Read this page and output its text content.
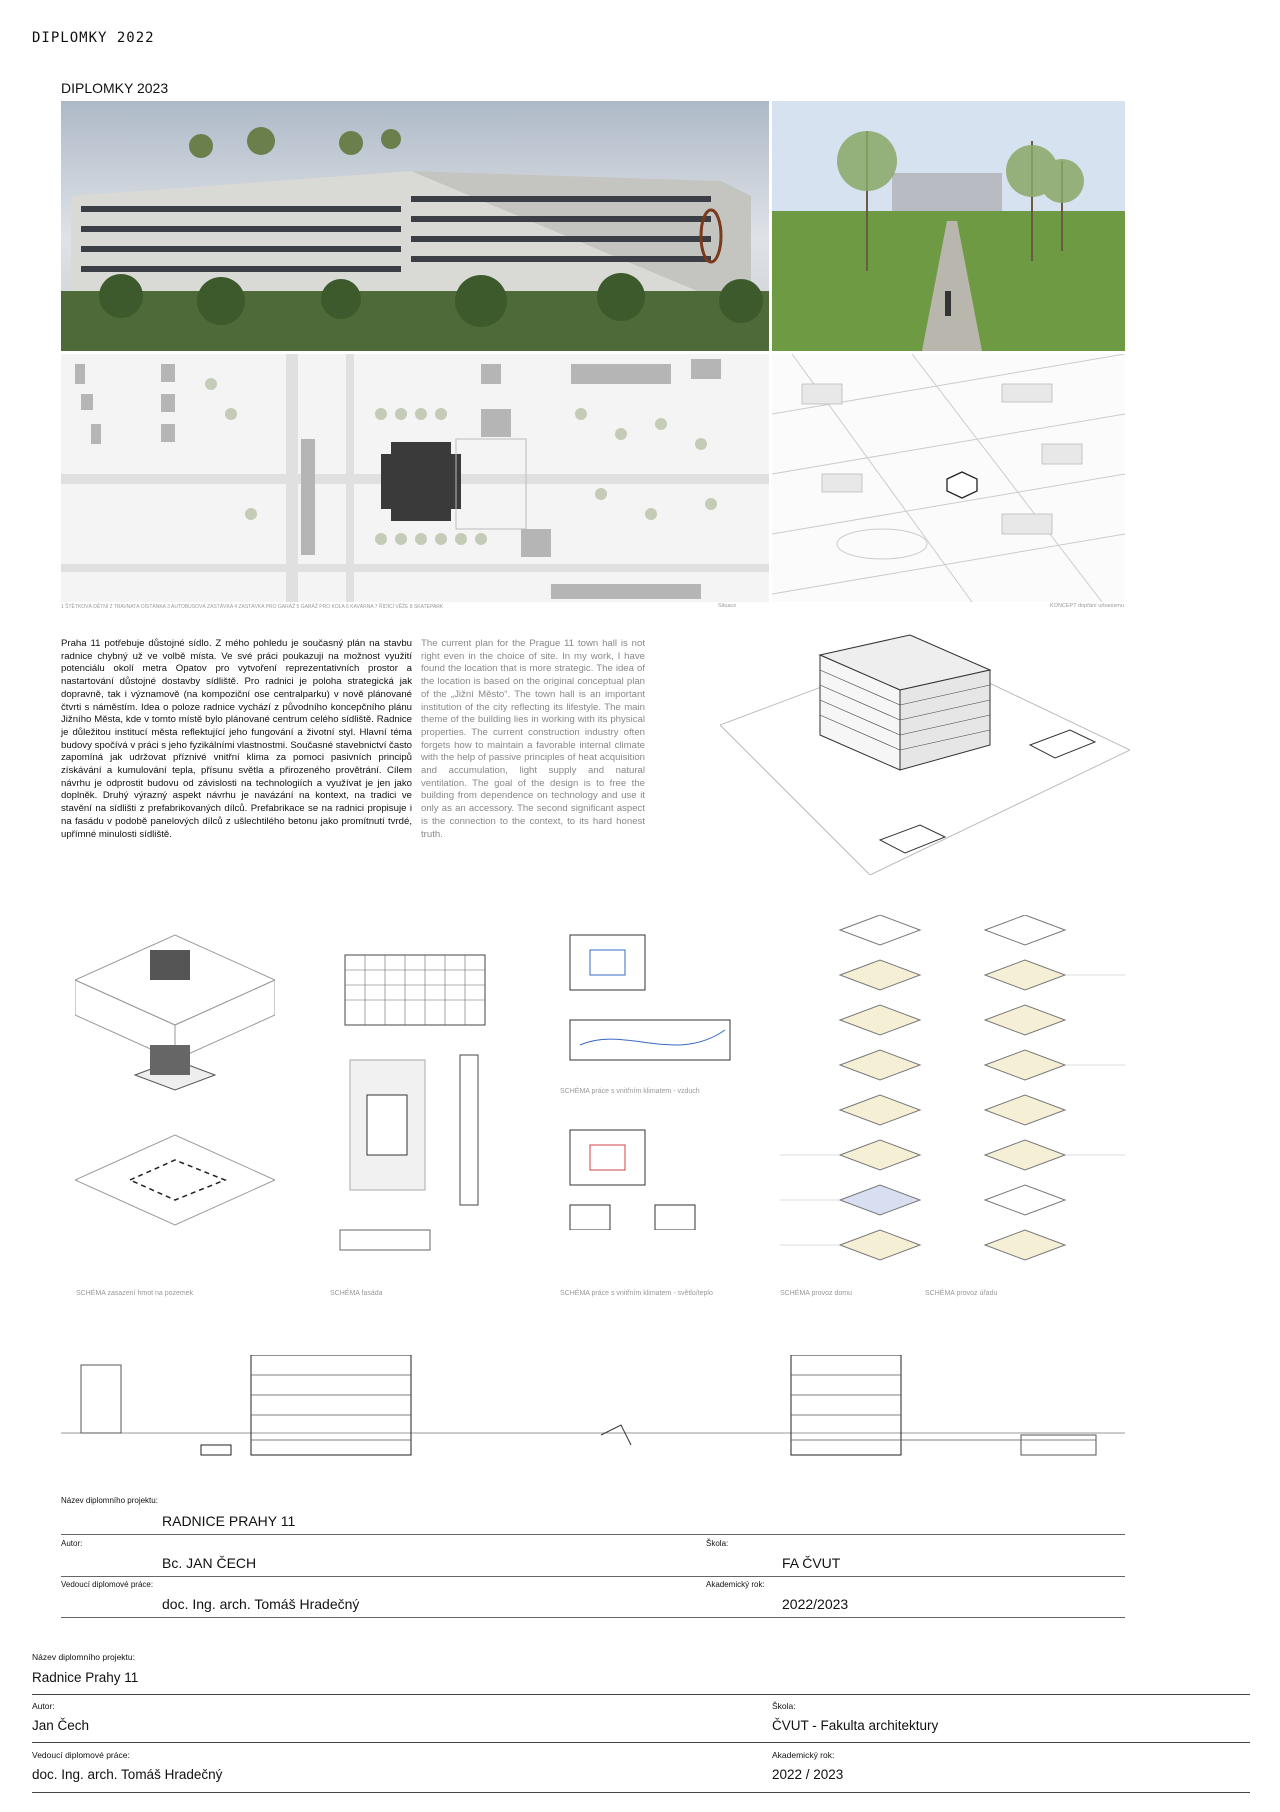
DIPLOMKY 2022
DIPLOMKY 2023
1 ŠTĚTKOVÁ DĚTNÍ 2 TRAVNATÁ DÍSTÁNKA 3 AUTOBUSOVÁ ZASTÁVKA 4 ZASTÁVKA PRO GARÁŽ 5 GARÁŽ PRO KOLA 6 KAVÁRNA 7 ŘÍDÍCÍ VĚŽE 8 SKATEPARK	Situace	KONCEPT dopřání urbanismu
Praha 11 potřebuje důstojné sídlo. Z mého pohledu je současný plán na stavbu radnice chybný už ve volbě místa. Ve své práci poukazuji na možnost využití potenciálu okolí metra Opatov pro vytvoření reprezentativních prostor a nastartování důstojné dostavby sídliště. Pro radnici je poloha strategická jak dopravně, tak i významově (na kompoziční ose centralparku) v nově plánované čtvrti s náměstím. Idea o poloze radnice vychází z původního koncepčního plánu Jižního Města, kde v tomto místě bylo plánované centrum celého sídliště. Radnice je důležitou institucí města reflektující jeho fungování a životní styl. Hlavní téma budovy spočívá v práci s jeho fyzikálními vlastnostmi. Současné stavebnictví často zapomíná jak udržovat příznivé vnitřní klima za pomoci pasivních principů získávání a kumulování tepla, přísunu světla a přirozeného provětrání. Cílem návrhu je odprostit budovu od závislosti na technologiích a využívat je jen jako doplněk. Druhý výrazný aspekt návrhu je navázání na kontext, na tradici ve stavění na sídlišti z prefabrikovaných dílců. Prefabrikace se na radnici propisuje i na fasádu v podobě panelových dílců z ušlechtilého betonu jako promítnutí tvrdé, upřímné minulosti sídliště.
The current plan for the Prague 11 town hall is not right even in the choice of site. In my work, I have found the location that is more strategic. The idea of the location is based on the original conceptual plan of the „Jižní Město“. The town hall is an important institution of the city reflecting its lifestyle. The main theme of the building lies in working with its physical properties. The current construction industry often forgets how to maintain a favorable internal climate with the help of passive principles of heat acquisition and accumulation, light supply and natural ventilation. The goal of the design is to free the building from dependence on technology and use it only as an accessory. The second significant aspect is the connection to the context, to its hard honest truth.
SCHÉMA práce s vnitřním klimatem - vzduch
SCHÉMA zasazení hmot na pozemek	SCHÉMA fasáda	SCHÉMA práce s vnitřním klimatem - světlo/teplo	SCHÉMA provoz domu	SCHÉMA provoz úřadu
Název diplomního projektu:
RADNICE PRAHY 11
Autor:
Bc. JAN ČECH
Škola:
FA ČVUT
Vedoucí diplomové práce:
doc. Ing. arch. Tomáš Hradečný
Akademický rok:
2022/2023
Název diplomního projektu:
Radnice Prahy 11
Autor:
Jan Čech
Škola:
ČVUT - Fakulta architektury
Vedoucí diplomové práce:
doc. Ing. arch. Tomáš Hradečný
Akademický rok:
2022 / 2023
